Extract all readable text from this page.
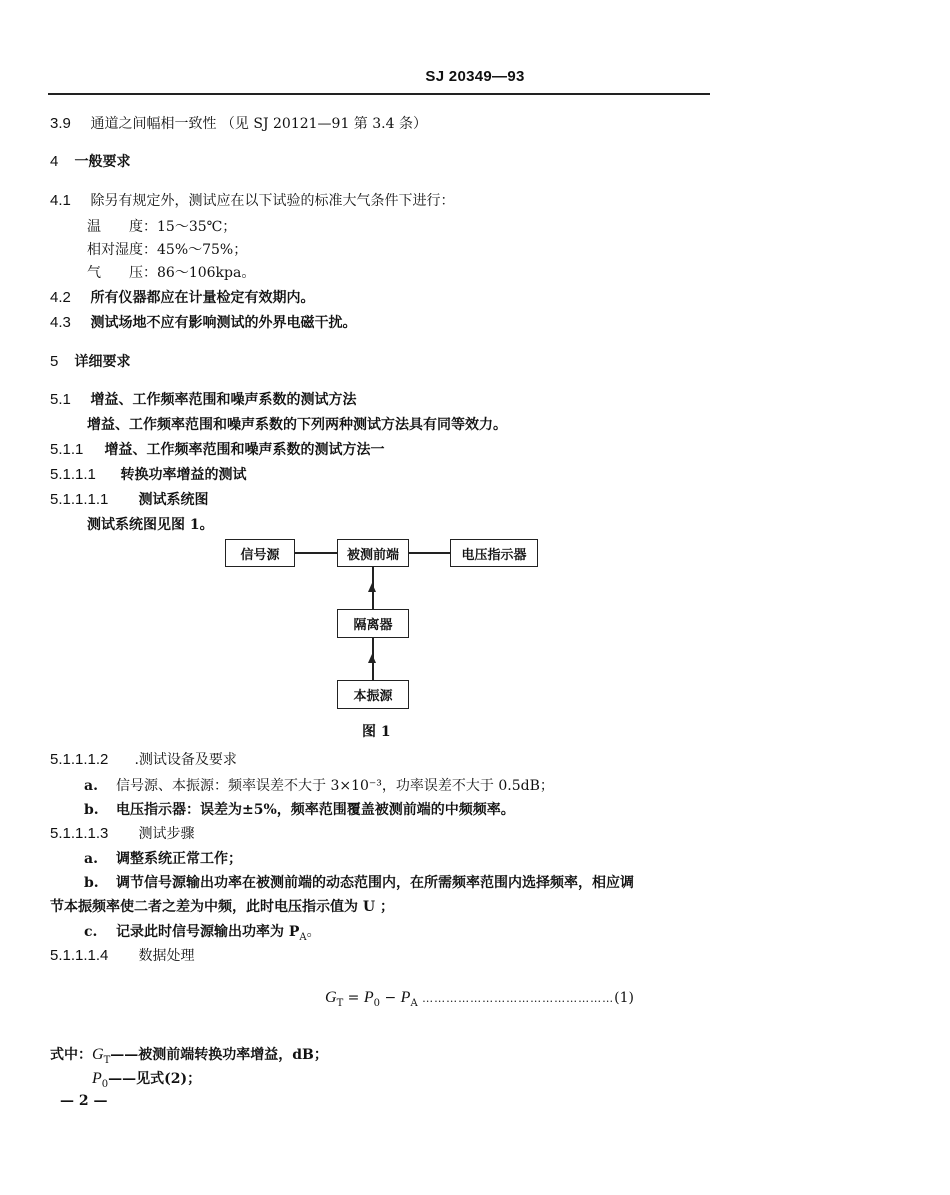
SJ 20349—93
3.9 通道之间幅相一致性 （见 SJ 20121—91 第 3.4 条）
4 一般要求
4.1 除另有规定外，测试应在以下试验的标准大气条件下进行：
温　　度：15～35℃；
相对湿度：45%～75%；
气　　压：86～106kpa。
4.2 所有仪器都应在计量检定有效期内。
4.3 测试场地不应有影响测试的外界电磁干扰。
5 详细要求
5.1 增益、工作频率范围和噪声系数的测试方法
增益、工作频率范围和噪声系数的下列两种测试方法具有同等效力。
5.1.1 增益、工作频率范围和噪声系数的测试方法一
5.1.1.1 转换功率增益的测试
5.1.1.1.1 测试系统图
测试系统图见图 1。
信号源	被测前端	电压指示器
隔离器
本振源
图 1
5.1.1.1.2 .测试设备及要求
a. 信号源、本振源：频率误差不大于 3×10⁻³，功率误差不大于 0.5dB；
b. 电压指示器：误差为±5%，频率范围覆盖被测前端的中频频率。
5.1.1.1.3 测试步骤
a. 调整系统正常工作；
b. 调节信号源输出功率在被测前端的动态范围内，在所需频率范围内选择频率，相应调
节本振频率使二者之差为中频，此时电压指示值为 U ；
c. 记录此时信号源输出功率为 $P_A$。
5.1.1.1.4 数据处理
$G_T = P_0 - P_A$ …………………………………………(1)
式中：$G_T——$被测前端转换功率增益，dB；
$P_0——$见式(2)；
— 2 —
